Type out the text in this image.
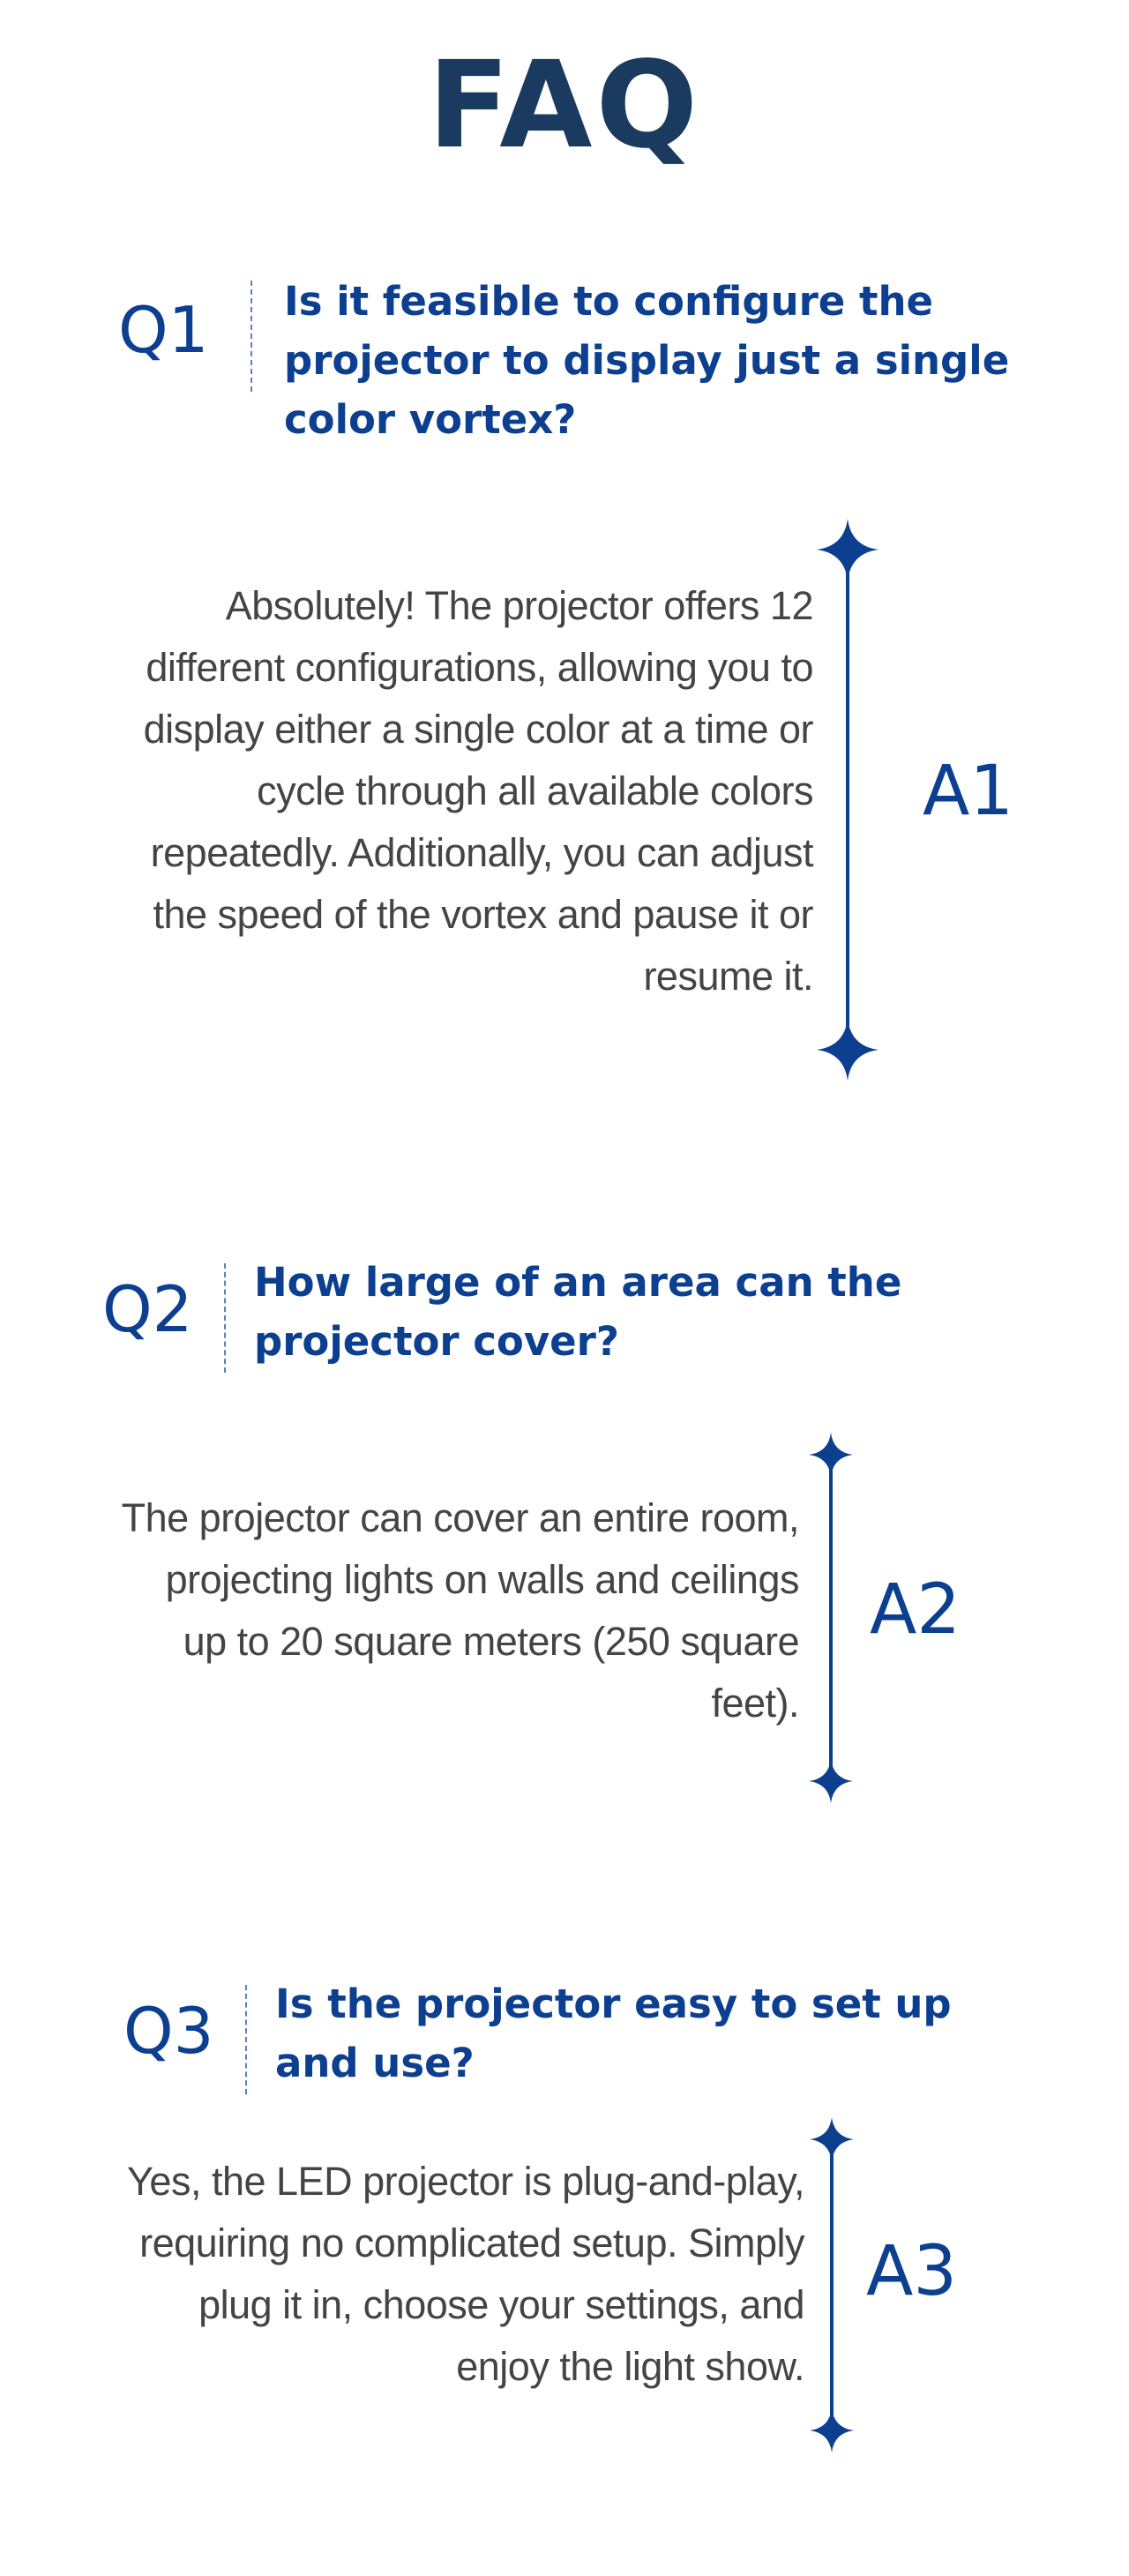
FAQ
Q1 Is it feasible to configure the projector to display just a single color vortex?

Absolutely! The projector offers 12 different configurations, allowing you to display either a single color at a time or cycle through all available colors repeatedly. Additionally, you can adjust the speed of the vortex and pause it or resume it.

A1
Q2 How large of an area can the projector cover?

The projector can cover an entire room, projecting lights on walls and ceilings up to 20 square meters (250 square feet).

A2
Q3 Is the projector easy to set up and use?

Yes, the LED projector is plug-and-play, requiring no complicated setup. Simply plug it in, choose your settings, and enjoy the light show.

A3
